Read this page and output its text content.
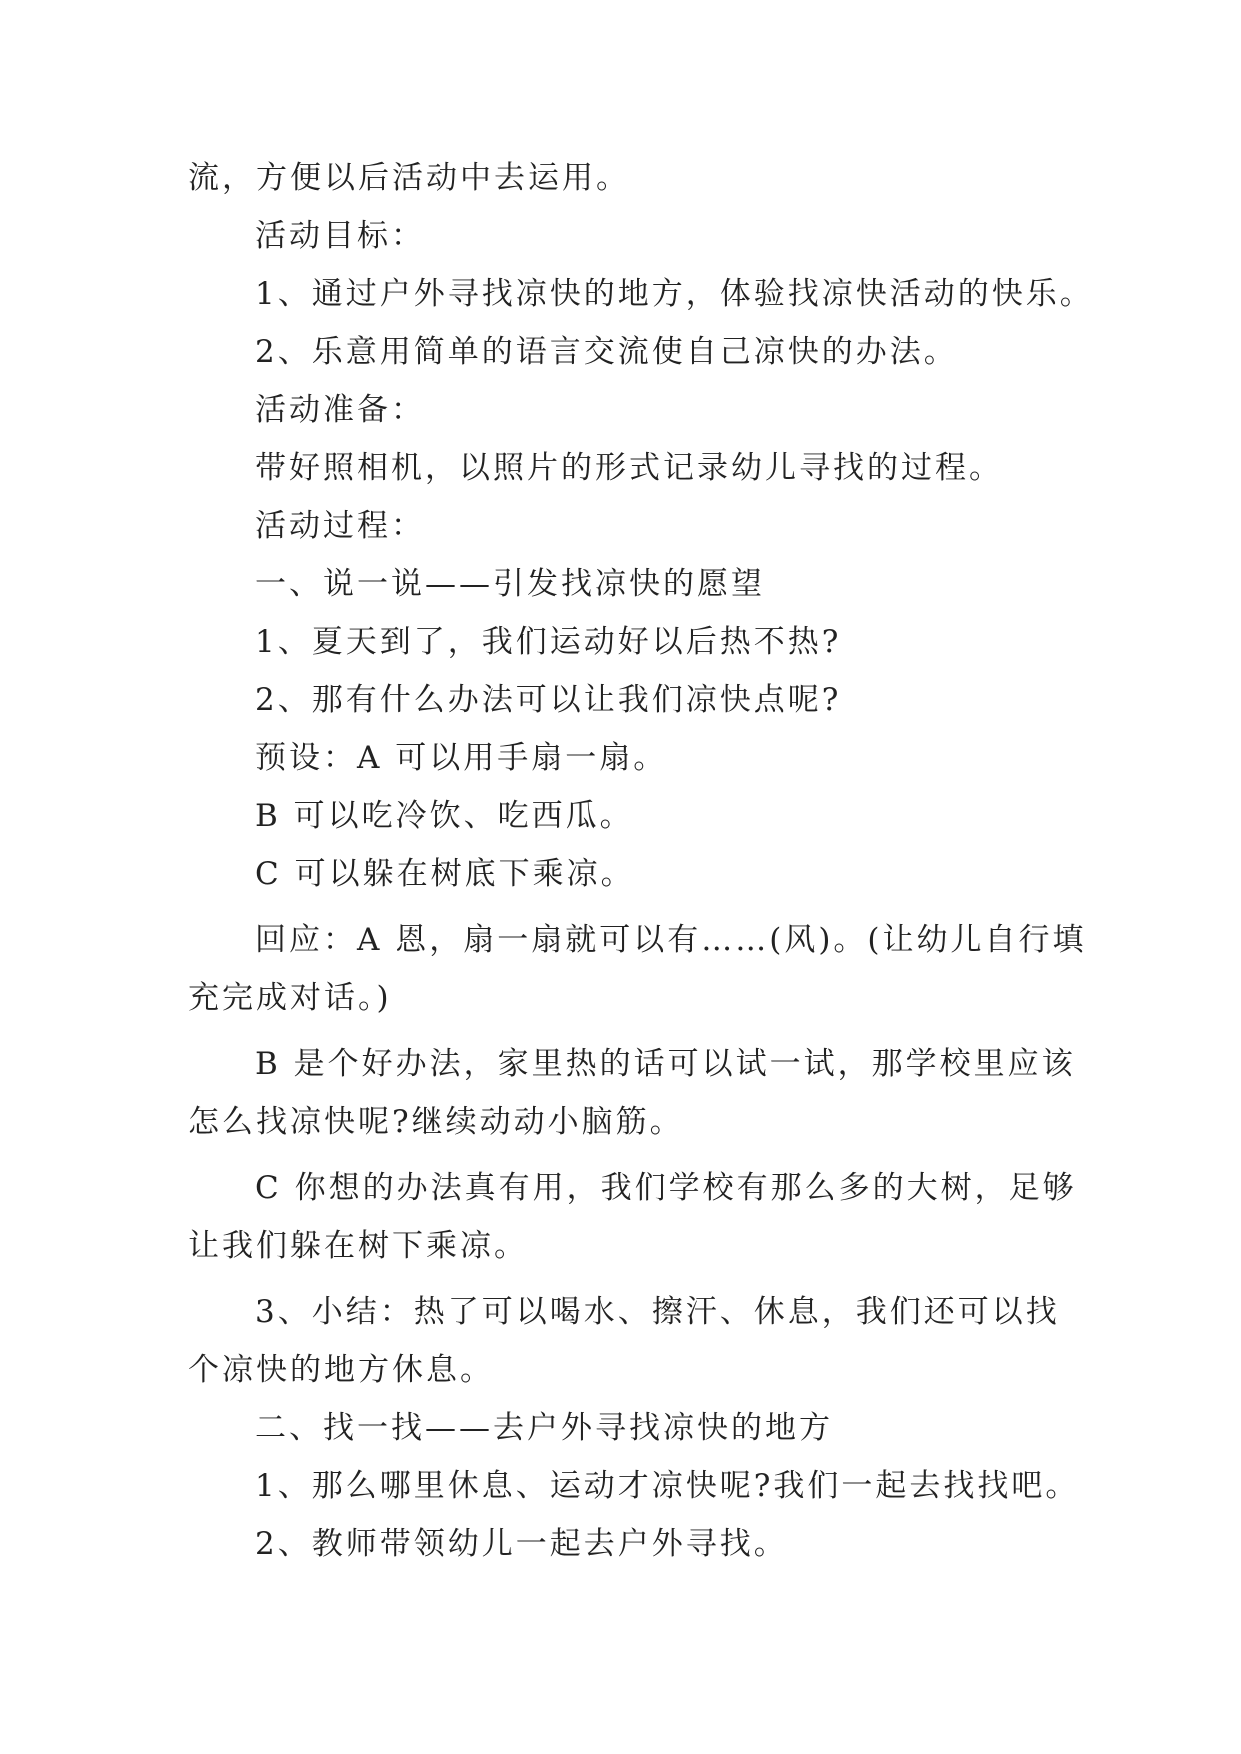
流，方便以后活动中去运用。
活动目标：
1、通过户外寻找凉快的地方，体验找凉快活动的快乐。
2、乐意用简单的语言交流使自己凉快的办法。
活动准备：
带好照相机，以照片的形式记录幼儿寻找的过程。
活动过程：
一、说一说——引发找凉快的愿望
1、夏天到了，我们运动好以后热不热?
2、那有什么办法可以让我们凉快点呢?
预设：A 可以用手扇一扇。
B 可以吃冷饮、吃西瓜。
C 可以躲在树底下乘凉。
回应：A 恩，扇一扇就可以有……(风)。(让幼儿自行填
充完成对话。)
B 是个好办法，家里热的话可以试一试，那学校里应该
怎么找凉快呢?继续动动小脑筋。
C 你想的办法真有用，我们学校有那么多的大树，足够
让我们躲在树下乘凉。
3、小结：热了可以喝水、擦汗、休息，我们还可以找
个凉快的地方休息。
二、找一找——去户外寻找凉快的地方
1、那么哪里休息、运动才凉快呢?我们一起去找找吧。
2、教师带领幼儿一起去户外寻找。
